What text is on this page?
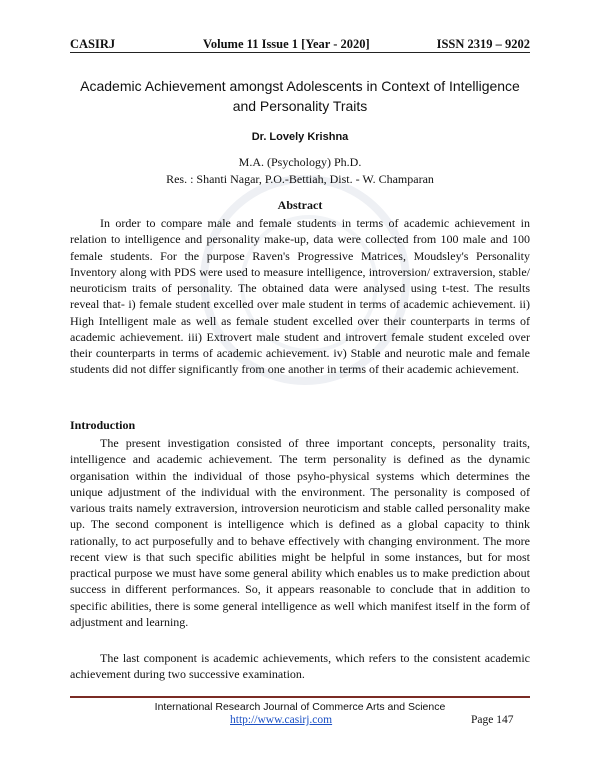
CASIRJ	Volume 11 Issue 1 [Year - 2020]	ISSN 2319 – 9202
Academic Achievement amongst Adolescents in Context of Intelligence
and Personality Traits
Dr. Lovely Krishna
M.A. (Psychology) Ph.D.
Res. : Shanti Nagar, P.O.-Bettiah, Dist. - W. Champaran
Abstract

In order to compare male and female students in terms of academic achievement in relation to intelligence and personality make-up, data were collected from 100 male and 100 female students. For the purpose Raven's Progressive Matrices, Moudsley's Personality Inventory along with PDS were used to measure intelligence, introversion/ extraversion, stable/ neuroticism traits of personality. The obtained data were analysed using t-test. The results reveal that- i) female student excelled over male student in terms of academic achievement. ii) High Intelligent male as well as female student excelled over their counterparts in terms of academic achievement. iii) Extrovert male student and introvert female student exceled over their counterparts in terms of academic achievement. iv) Stable and neurotic male and female students did not differ significantly from one another in terms of their academic achievement.

Introduction

The present investigation consisted of three important concepts, personality traits, intelligence and academic achievement. The term personality is defined as the dynamic organisation within the individual of those psyho-physical systems which determines the unique adjustment of the individual with the environment. The personality is composed of various traits namely extraversion, introversion neuroticism and stable called personality make up. The second component is intelligence which is defined as a global capacity to think rationally, to act purposefully and to behave effectively with changing environment. The more recent view is that such specific abilities might be helpful in some instances, but for most practical purpose we must have some general ability which enables us to make prediction about success in different performances. So, it appears reasonable to conclude that in addition to specific abilities, there is some general intelligence as well which manifest itself in the form of adjustment and learning.

The last component is academic achievements, which refers to the consistent academic achievement during two successive examination.

International Research Journal of Commerce Arts and Science
http://www.casirj.com	Page 147
